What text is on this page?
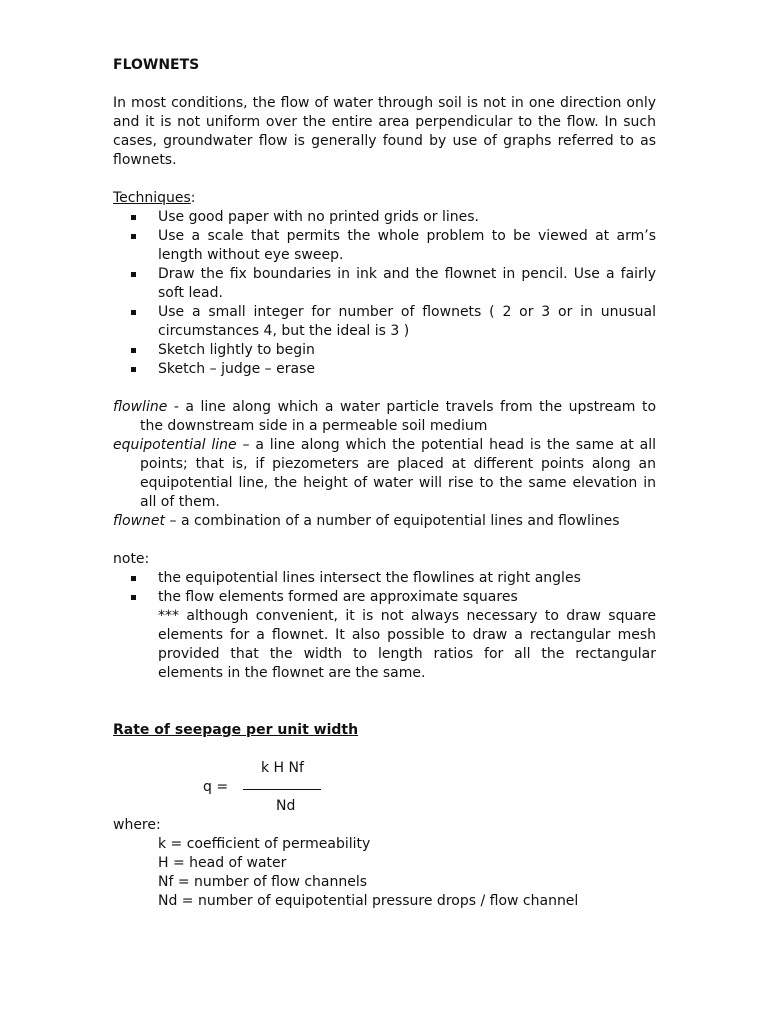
FLOWNETS

In most conditions, the flow of water through soil is not in one direction only and it is not uniform over the entire area perpendicular to the flow. In such cases, groundwater flow is generally found by use of graphs referred to as flownets.

Techniques:

Use good paper with no printed grids or lines.
Use a scale that permits the whole problem to be viewed at arm’s length without eye sweep.
Draw the fix boundaries in ink and the flownet in pencil. Use a fairly soft lead.
Use a small integer for number of flownets ( 2 or 3 or in unusual circumstances 4, but the ideal is 3 )
Sketch lightly to begin
Sketch – judge – erase
flowline - a line along which a water particle travels from the upstream to the downstream side in a permeable soil medium
equipotential line – a line along which the potential head is the same at all points; that is, if piezometers are placed at different points along an equipotential line, the height of water will rise to the same elevation in all of them.
flownet – a combination of a number of equipotential lines and flowlines
note:
the equipotential lines intersect the flowlines at right angles
the flow elements formed are approximate squares
*** although convenient, it is not always necessary to draw square elements for a flownet. It also possible to draw a rectangular mesh provided that the width to length ratios for all the rectangular elements in the flownet are the same.
Rate of seepage per unit width
k H Nf
q =
Nd
where:
k = coefficient of permeability
H = head of water
Nf = number of flow channels
Nd = number of equipotential pressure drops / flow channel
